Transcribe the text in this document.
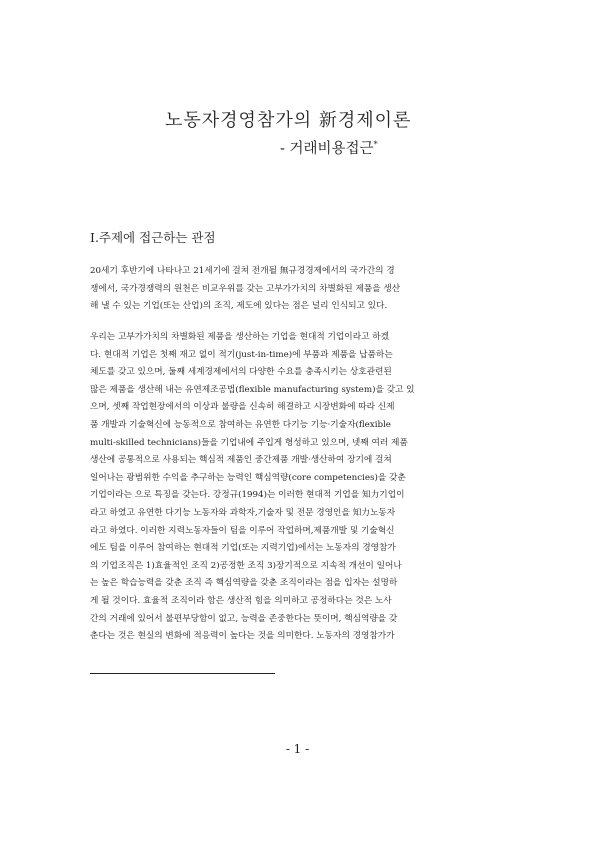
노동자경영참가의 新경제이론
- 거래비용접근*
Ⅰ.주제에 접근하는 관점
20세기 후반기에 나타나고 21세기에 걸쳐 전개될 無규경경제에서의 국가간의 경
쟁에서, 국가경쟁력의 원천은 비교우위를 갖는 고부가가치의 차별화된 제품을 생산
해 낼 수 있는 기업(또는 산업)의 조직, 제도에 있다는 점은 널리 인식되고 있다.
우리는 고부가가치의 차별화된 제품을 생산하는 기업을 현대적 기업이라고 하겠
다. 현대적 기업은 첫째 재고 없이 적기(just-in-time)에 부품과 제품을 납품하는
체도를 갖고 있으며, 둘째 세계경제에서의 다양한 수요를 충족시키는 상호관련된
많은 제품을 생산해 내는 유연제조공법(flexible manufacturing system)을 갖고 있
으며, 셋째 작업현장에서의 이상과 불량을 신속히 해결하고 시장변화에 따라 신제
품 개발과 기술혁신에 능동적으로 참여하는 유연한 다기능 기능·기술자(flexible
multi-skilled technicians)들을 기업내에 주입게 형성하고 있으며, 넷째 여러 제품
생산에 공통적으로 사용되는 핵심적 제품인 중간제품 개발·생산하여 장기에 걸쳐
일어나는 광범위한 수익을 추구하는 능력인 핵심역량(core competencies)을 갖춘
기업이라는 으로 특징을 갖는다. 강정규(1994)는 이러한 현대적 기업을 知力기업이
라고 하였고 유연한 다기능 노동자와 과학자,기술자 및 전문 경영인을 知力노동자
라고 하였다. 이러한 지력노동자들이 팀을 이루어 작업하며,제품개발 및 기술혁신
에도 팀을 이루어 참여하는 현대적 기업(또는 지력기업)에서는 노동자의 경영참가
의 기업조직은 1)효율적인 조직 2)공정한 조직 3)장기적으로 지속적 개선이 일어나
는 높은 학습능력을 갖춘 조직 즉 핵심역량을 갖춘 조직이라는 점을 입자는 설명하
게 될 것이다. 효율적 조직이라 함은 생산적 힘을 의미하고 공정하다는 것은 노사
간의 거래에 있어서 불편부당함이 없고, 능력을 존중한다는 뜻이며, 핵심역량을 갖
춘다는 것은 현실의 변화에 적응력이 높다는 것을 의미한다. 노동자의 경영참가가
- 1 -
